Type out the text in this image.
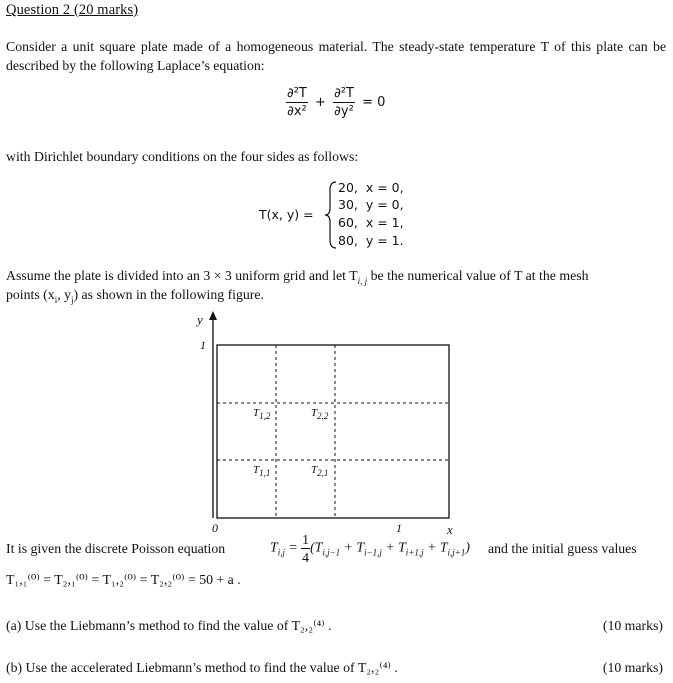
Question 2 (20 marks)
Consider a unit square plate made of a homogeneous material. The steady-state temperature T of this plate can be described by the following Laplace’s equation:
$\frac{\text{∂²T}}{\text{∂x²}} + \frac{\text{∂²T}}{\text{∂y²}} = 0$
with Dirichlet boundary conditions on the four sides as follows:
T(x, y) =
20, x = 0,
30, y = 0,
60, x = 1,
80, y = 1.
Assume the plate is divided into an 3 × 3 uniform grid and let $T_{i, j}$ be the numerical value of T at the mesh
points ($x_i$, $y_j$) as shown in the following figure.
y
1
$T_{1,2}$	$T_{2,2}$
$T_{1,1}$	$T_{2,1}$
0	1	x
It is given the discrete Poisson equation	$T_{i,j} = \frac{1}{4} (T_{i,j-1} + T_{i-1,j} + T_{i+1,j} + T_{i,j+1})$ and the initial guess values
T₁,₁⁽⁰⁾ = T₂,₁⁽⁰⁾ = T₁,₂⁽⁰⁾ = T₂,₂⁽⁰⁾ = 50 + a .
(a) Use the Liebmann’s method to find the value of T₂,₂⁽⁴⁾ .	(10 marks)
(b) Use the accelerated Liebmann’s method to find the value of T₂,₂⁽⁴⁾ .	(10 marks)
